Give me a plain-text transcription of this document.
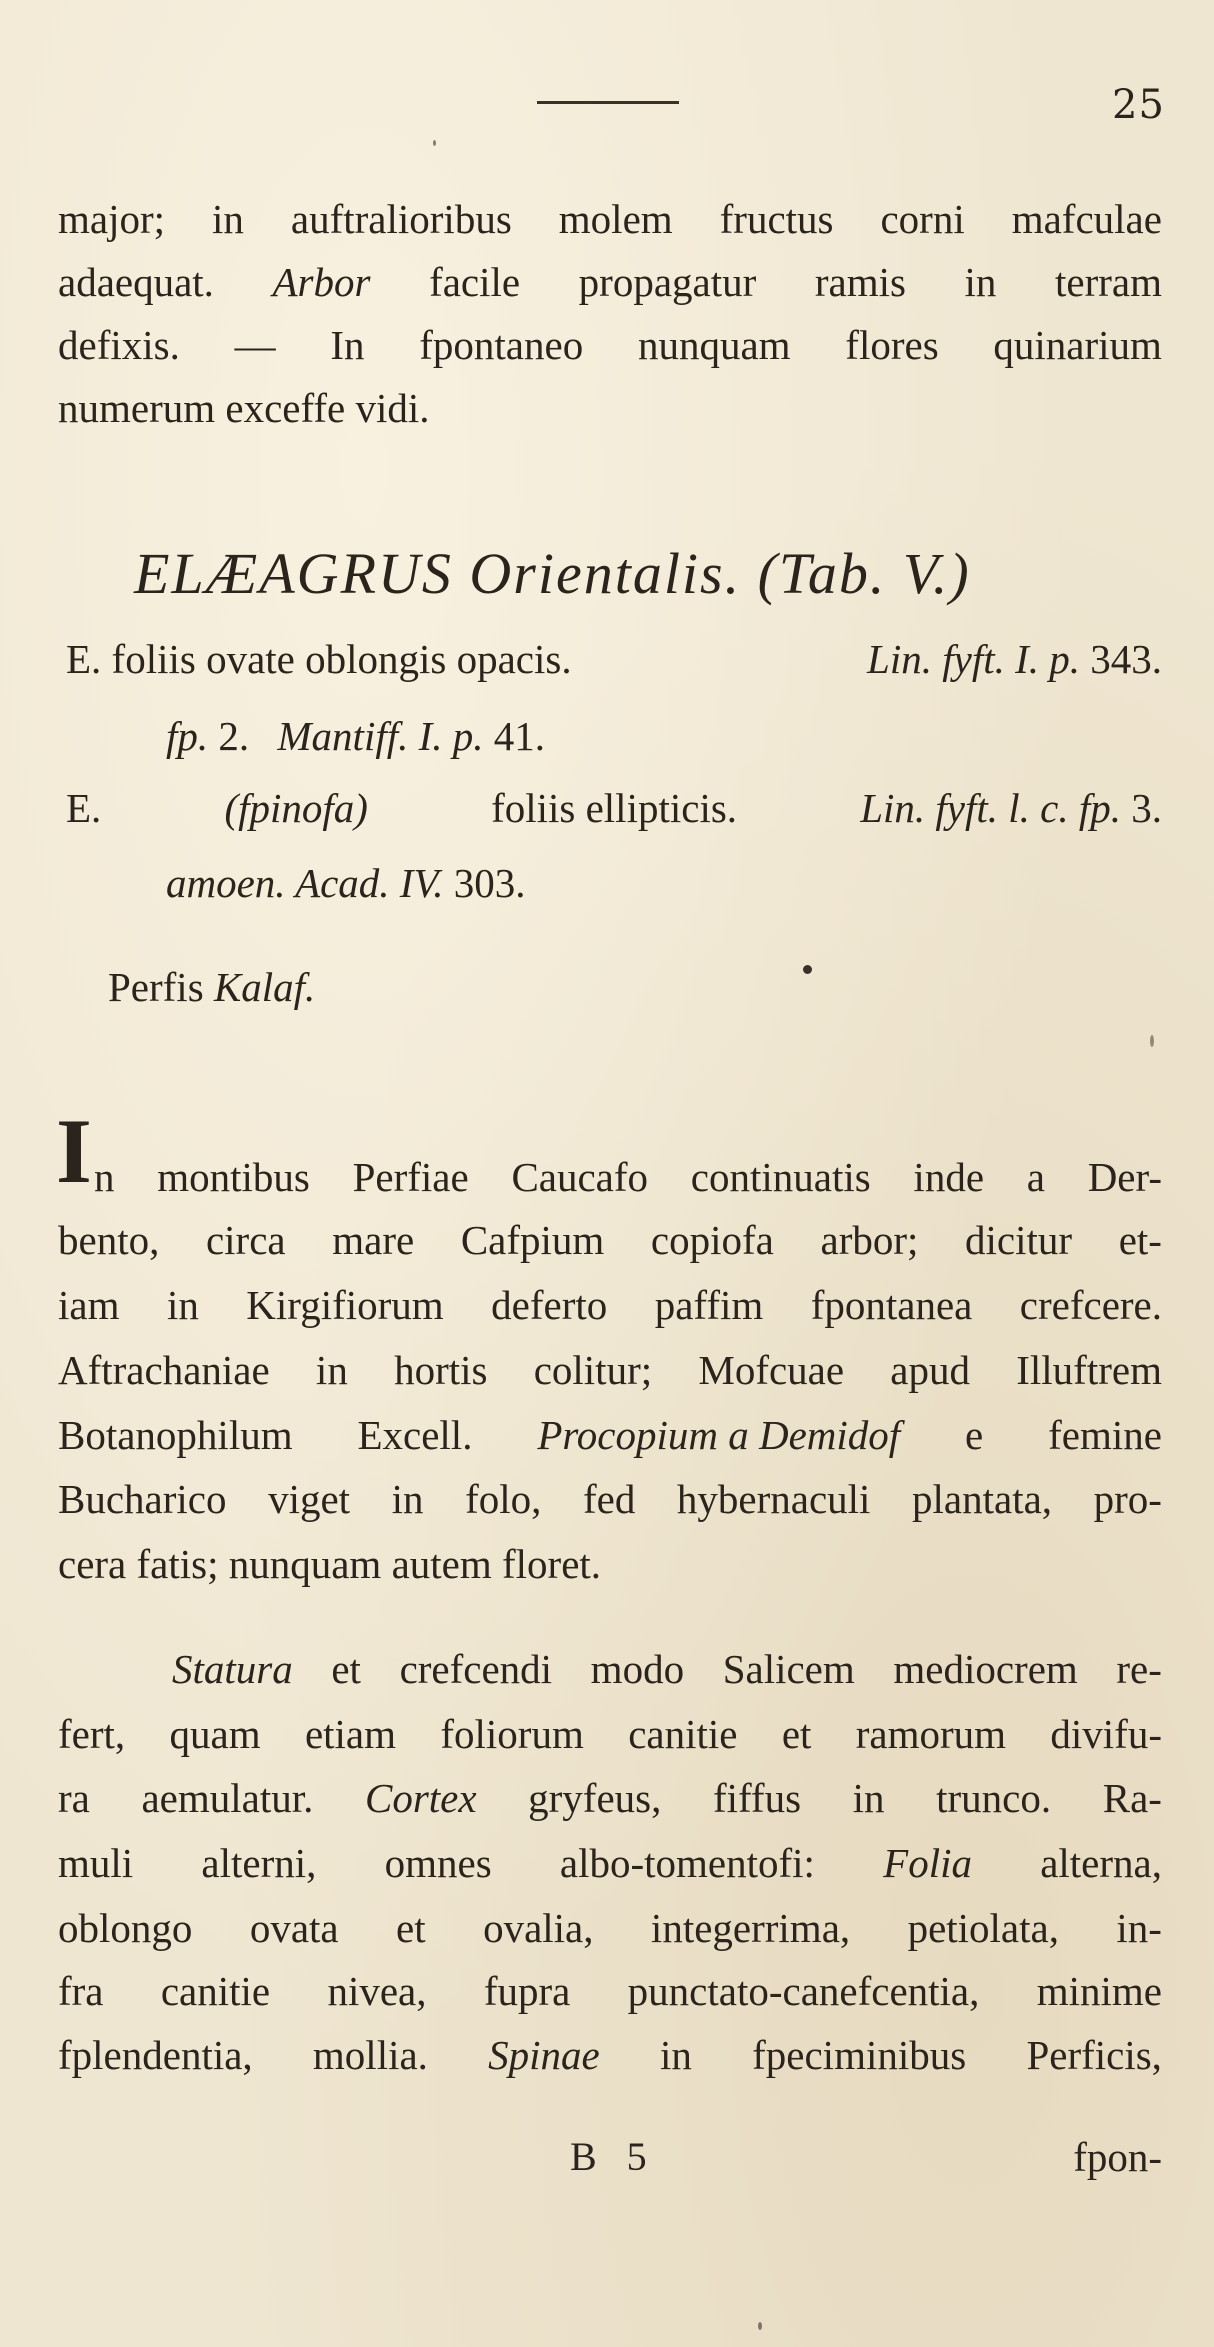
25
major; in auftralioribus molem fructus corni mafculae
adaequat. Arbor facile propagatur ramis in terram
defixis. — In fpontaneo nunquam flores quinarium
numerum exceffe vidi.
ELÆAGRUS Orientalis. (Tab. V.)
E. foliis ovate oblongis opacis.	Lin. fyft. I. p. 343.
fp. 2. Mantiff. I. p. 41.
E.	(fpinofa)	foliis ellipticis.	Lin. fyft. l. c. fp. 3.
amoen. Acad. IV. 303.
Perfis Kalaf.
I n montibus Perfiae Caucafo continuatis inde a Der-
bento, circa mare Cafpium copiofa arbor; dicitur et-
iam in Kirgifiorum deferto paffim fpontanea crefcere.
Aftrachaniae in hortis colitur; Mofcuae apud Illuftrem
Botanophilum Excell. Procopium a Demidof e femine
Bucharico viget in folo, fed hybernaculi plantata, pro-
cera fatis; nunquam autem floret.
Statura et crefcendi modo Salicem mediocrem re-
fert, quam etiam foliorum canitie et ramorum divifu-
ra aemulatur. Cortex gryfeus, fiffus in trunco. Ra-
muli alterni, omnes albo-tomentofi: Folia alterna,
oblongo ovata et ovalia, integerrima, petiolata, in-
fra canitie nivea, fupra punctato-canefcentia, minime
fplendentia, mollia. Spinae in fpeciminibus Perficis,
B 5	fpon-
